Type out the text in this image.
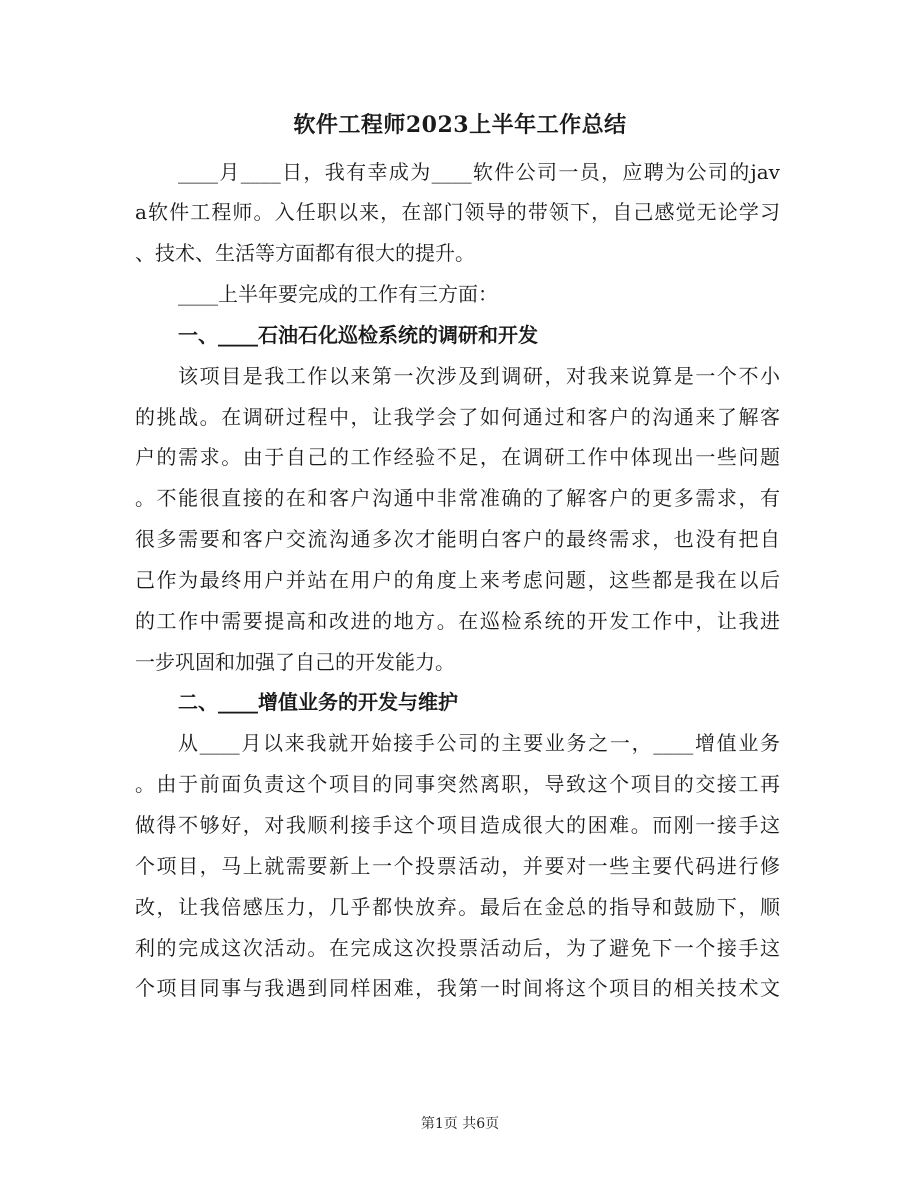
软件工程师2023上半年工作总结
____月____日，我有幸成为____软件公司一员，应聘为公司的jav
a软件工程师。入任职以来，在部门领导的带领下，自己感觉无论学习
、技术、生活等方面都有很大的提升。
____上半年要完成的工作有三方面：
一、____石油石化巡检系统的调研和开发
该项目是我工作以来第一次涉及到调研，对我来说算是一个不小
的挑战。在调研过程中，让我学会了如何通过和客户的沟通来了解客
户的需求。由于自己的工作经验不足，在调研工作中体现出一些问题
。不能很直接的在和客户沟通中非常准确的了解客户的更多需求，有
很多需要和客户交流沟通多次才能明白客户的最终需求，也没有把自
己作为最终用户并站在用户的角度上来考虑问题，这些都是我在以后
的工作中需要提高和改进的地方。在巡检系统的开发工作中，让我进
一步巩固和加强了自己的开发能力。
二、____增值业务的开发与维护
从____月以来我就开始接手公司的主要业务之一，____增值业务
。由于前面负责这个项目的同事突然离职，导致这个项目的交接工再
做得不够好，对我顺利接手这个项目造成很大的困难。而刚一接手这
个项目，马上就需要新上一个投票活动，并要对一些主要代码进行修
改，让我倍感压力，几乎都快放弃。最后在金总的指导和鼓励下，顺
利的完成这次活动。在完成这次投票活动后，为了避免下一个接手这
个项目同事与我遇到同样困难，我第一时间将这个项目的相关技术文
第1页 共6页
